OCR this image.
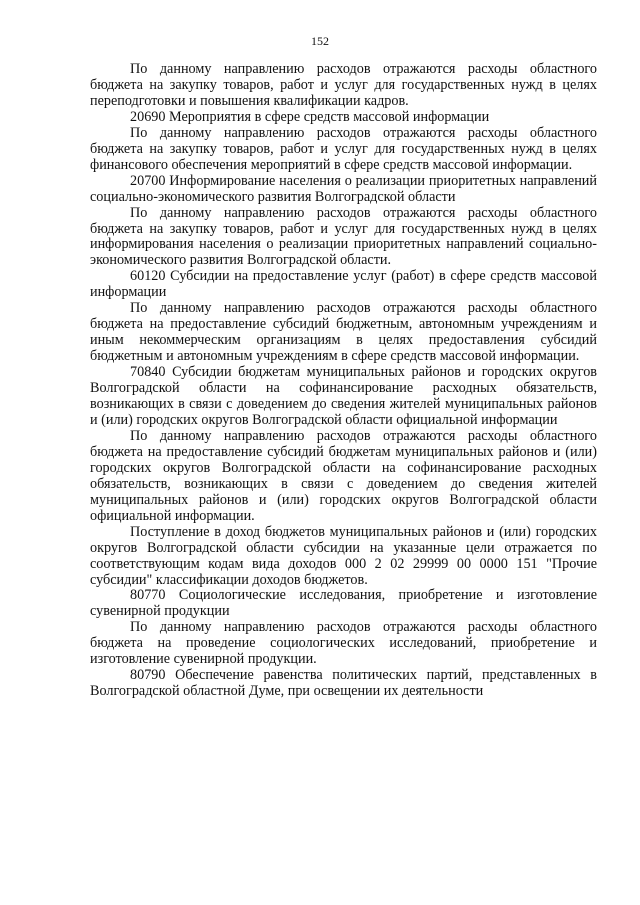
152

По данному направлению расходов отражаются расходы областного бюджета на закупку товаров, работ и услуг для государственных нужд в целях переподготовки и повышения квалификации кадров.

20690 Мероприятия в сфере средств массовой информации

По данному направлению расходов отражаются расходы областного бюджета на закупку товаров, работ и услуг для государственных нужд в целях финансового обеспечения мероприятий в сфере средств массовой информации.

20700 Информирование населения о реализации приоритетных направлений социально-экономического развития Волгоградской области

По данному направлению расходов отражаются расходы областного бюджета на закупку товаров, работ и услуг для государственных нужд в целях информирования населения о реализации приоритетных направлений социально-экономического развития Волгоградской области.

60120 Субсидии на предоставление услуг (работ) в сфере средств массовой информации

По данному направлению расходов отражаются расходы областного бюджета на предоставление субсидий бюджетным, автономным учреждениям и иным некоммерческим организациям в целях предоставления субсидий бюджетным и автономным учреждениям в сфере средств массовой информации.

70840 Субсидии бюджетам муниципальных районов и городских округов Волгоградской области на софинансирование расходных обязательств, возникающих в связи с доведением до сведения жителей муниципальных районов и (или) городских округов Волгоградской области официальной информации

По данному направлению расходов отражаются расходы областного бюджета на предоставление субсидий бюджетам муниципальных районов и (или) городских округов Волгоградской области на софинансирование расходных обязательств, возникающих в связи с доведением до сведения жителей муниципальных районов и (или) городских округов Волгоградской области официальной информации.

Поступление в доход бюджетов муниципальных районов и (или) городских округов Волгоградской области субсидии на указанные цели отражается по соответствующим кодам вида доходов 000 2 02 29999 00 0000 151 "Прочие субсидии" классификации доходов бюджетов.

80770 Социологические исследования, приобретение и изготовление сувенирной продукции

По данному направлению расходов отражаются расходы областного бюджета на проведение социологических исследований, приобретение и изготовление сувенирной продукции.

80790 Обеспечение равенства политических партий, представленных в Волгоградской областной Думе, при освещении их деятельности
